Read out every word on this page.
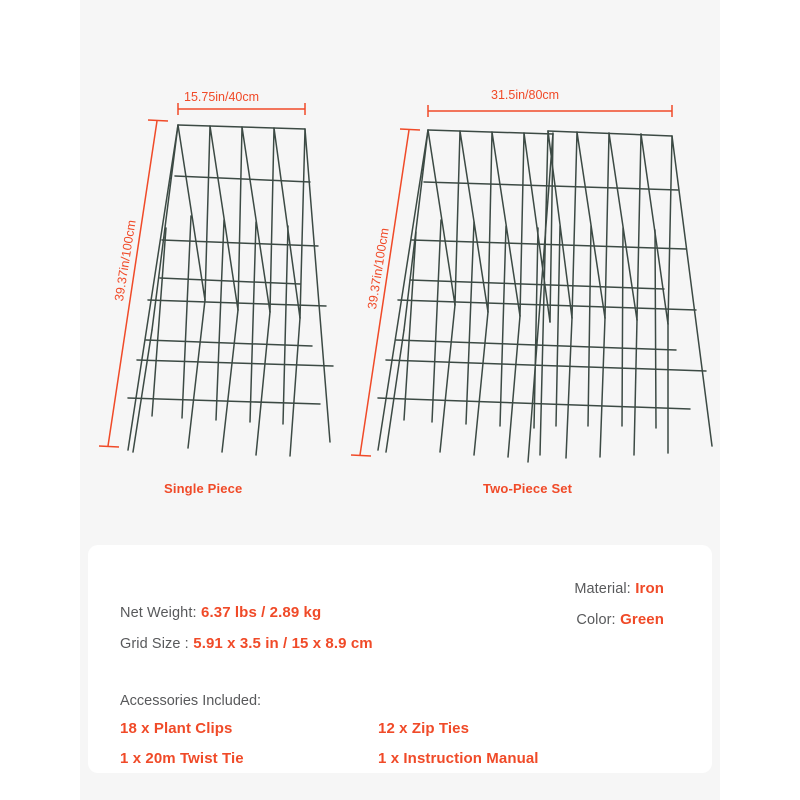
15.75in/40cm	31.5in/80cm
39.37in/100cm	39.37in/100cm
Single Piece	Two-Piece Set
Material: Iron
Color: Green
Net Weight: 6.37 lbs / 2.89 kg
Grid Size : 5.91 x 3.5 in / 15 x 8.9 cm
Accessories Included:
18 x Plant Clips	12 x Zip Ties
1 x 20m Twist Tie	1 x Instruction Manual
